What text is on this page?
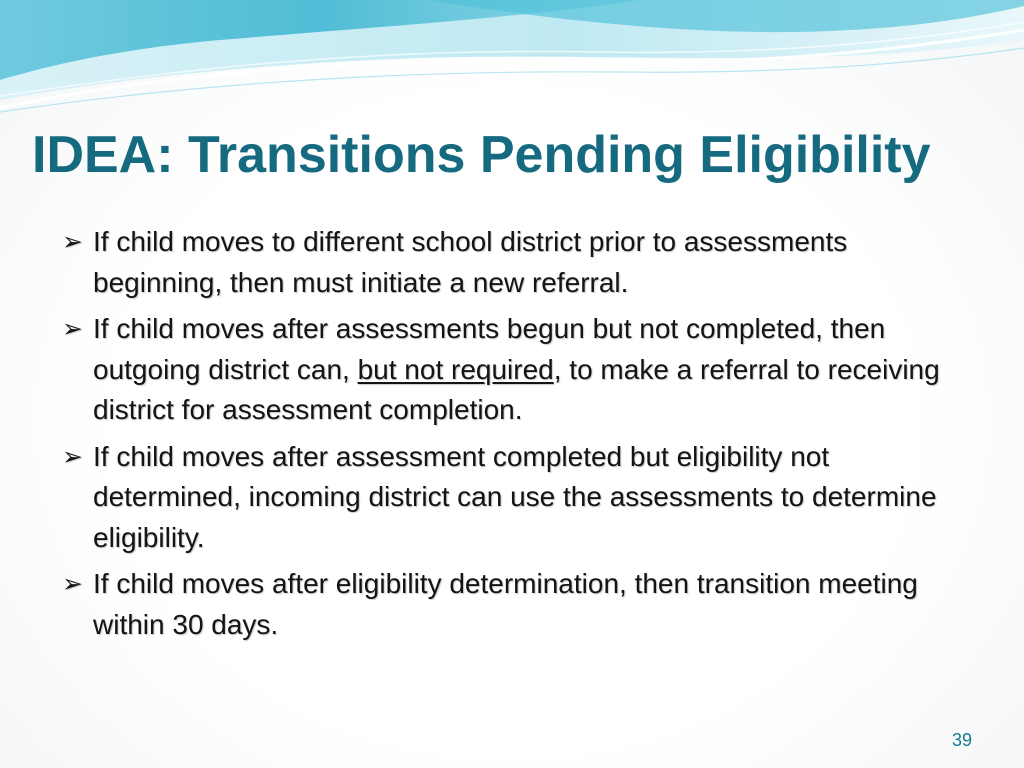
IDEA: Transitions Pending Eligibility
➢ If child moves to different school district prior to assessments beginning, then must initiate a new referral.
➢ If child moves after assessments begun but not completed, then outgoing district can, but not required, to make a referral to receiving district for assessment completion.
➢ If child moves after assessment completed but eligibility not determined, incoming district can use the assessments to determine eligibility.
➢ If child moves after eligibility determination, then transition meeting within 30 days.
39
